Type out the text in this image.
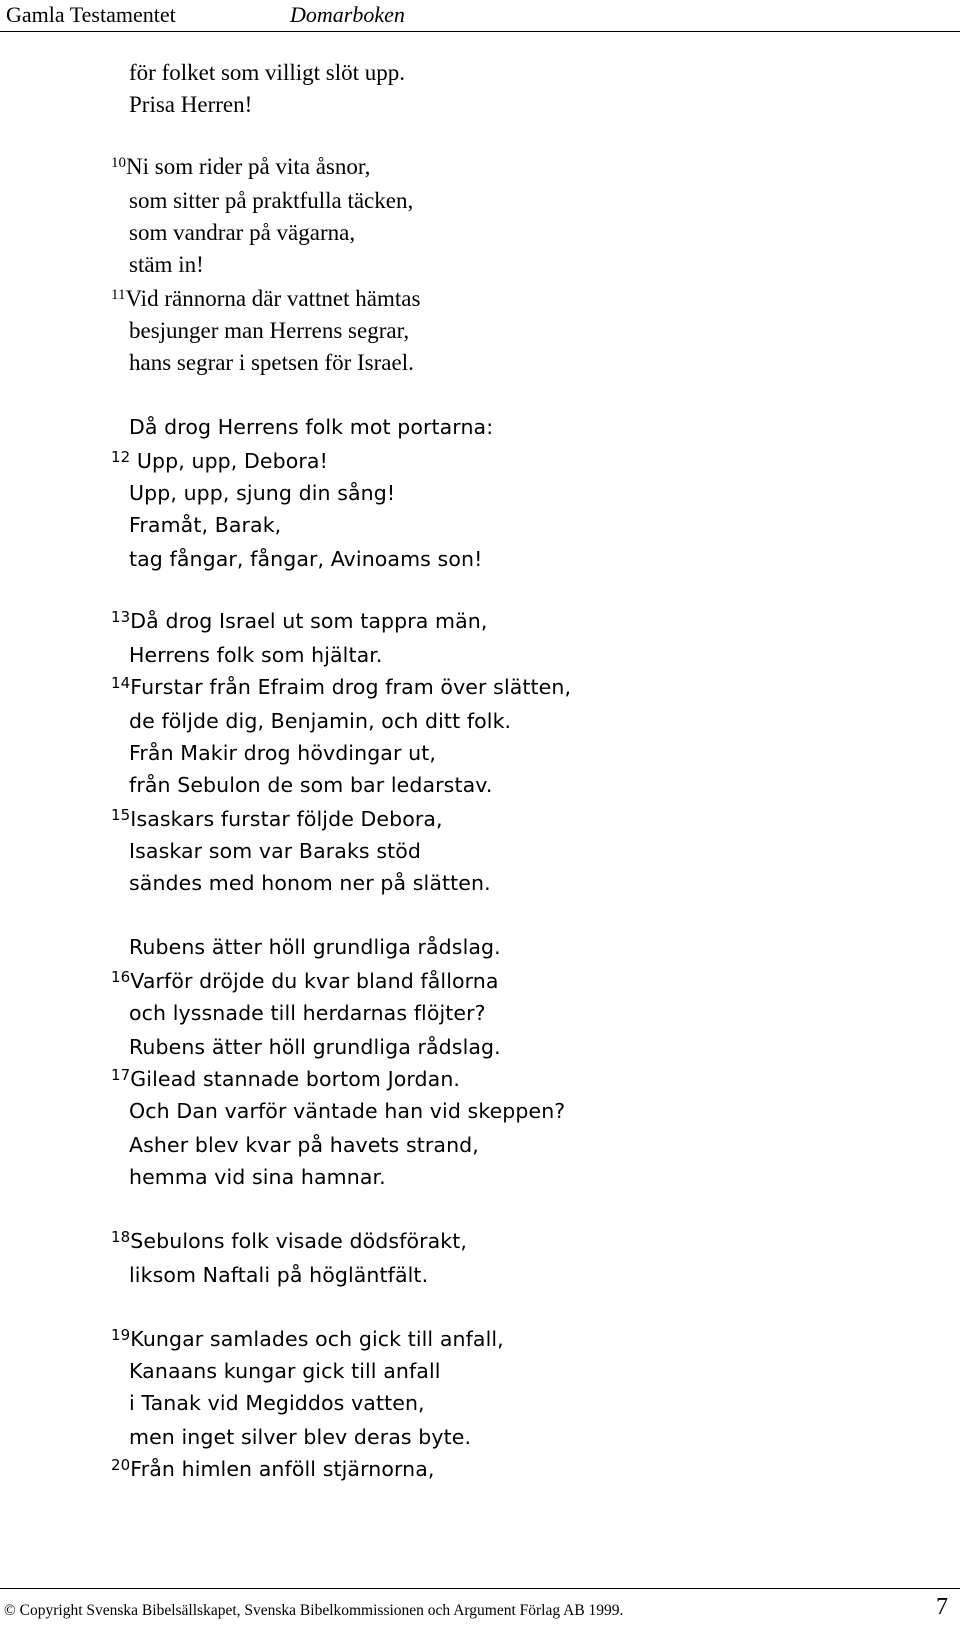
Gamla Testamentet	Domarboken
för folket som villigt slöt upp.
Prisa Herren!
$^{10}$Ni som rider på vita åsnor,
som sitter på praktfulla täcken,
som vandrar på vägarna,
stäm in!
$^{11}$Vid rännorna där vattnet hämtas
besjunger man Herrens segrar,
hans segrar i spetsen för Israel.
Då drog Herrens folk mot portarna:
$^{12}$ Upp, upp, Debora!
Upp, upp, sjung din sång!
Framåt, Barak,
tag fångar, fångar, Avinoams son!
$^{13}$Då drog Israel ut som tappra män,
Herrens folk som hjältar.
$^{14}$Furstar från Efraim drog fram över slätten,
de följde dig, Benjamin, och ditt folk.
Från Makir drog hövdingar ut,
från Sebulon de som bar ledarstav.
$^{15}$Isaskars furstar följde Debora,
Isaskar som var Baraks stöd
sändes med honom ner på slätten.
Rubens ätter höll grundliga rådslag.
$^{16}$Varför dröjde du kvar bland fållorna
och lyssnade till herdarnas flöjter?
Rubens ätter höll grundliga rådslag.
$^{17}$Gilead stannade bortom Jordan.
Och Dan varför väntade han vid skeppen?
Asher blev kvar på havets strand,
hemma vid sina hamnar.
$^{18}$Sebulons folk visade dödsförakt,
liksom Naftali på högläntfält.
$^{19}$Kungar samlades och gick till anfall,
Kanaans kungar gick till anfall
i Tanak vid Megiddos vatten,
men inget silver blev deras byte.
$^{20}$Från himlen anföll stjärnorna,
© Copyright Svenska Bibelsällskapet, Svenska Bibelkommissionen och Argument Förlag AB 1999.	7
